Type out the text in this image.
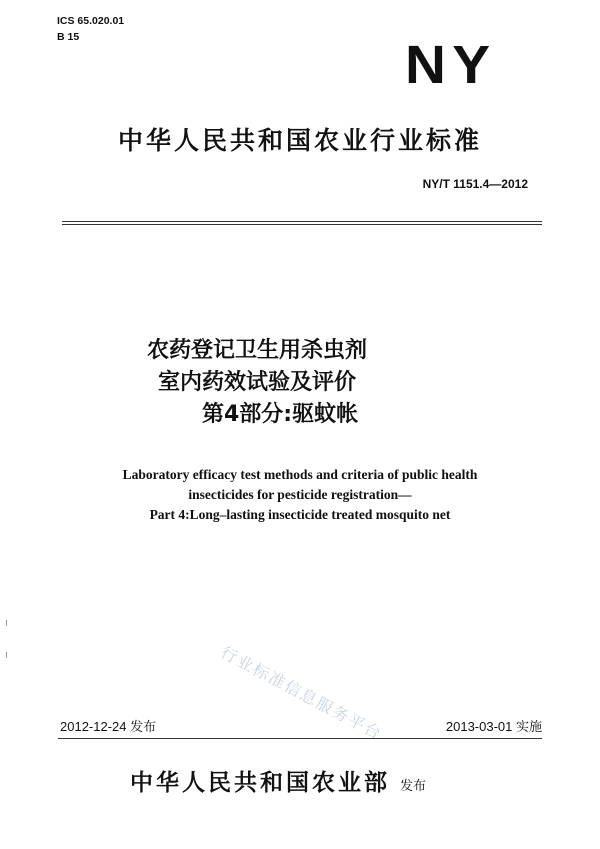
ICS 65.020.01
B 15	NY
中华人民共和国农业行业标准
NY/T 1151.4—2012
农药登记卫生用杀虫剂
室内药效试验及评价
第4部分:驱蚊帐
Laboratory efficacy test methods and criteria of public health
insecticides for pesticide registration—
Part 4:Long–lasting insecticide treated mosquito net
行业标准信息服务平台
2012-12-24 发布	2013-03-01 实施
中华人民共和国农业部 发布
